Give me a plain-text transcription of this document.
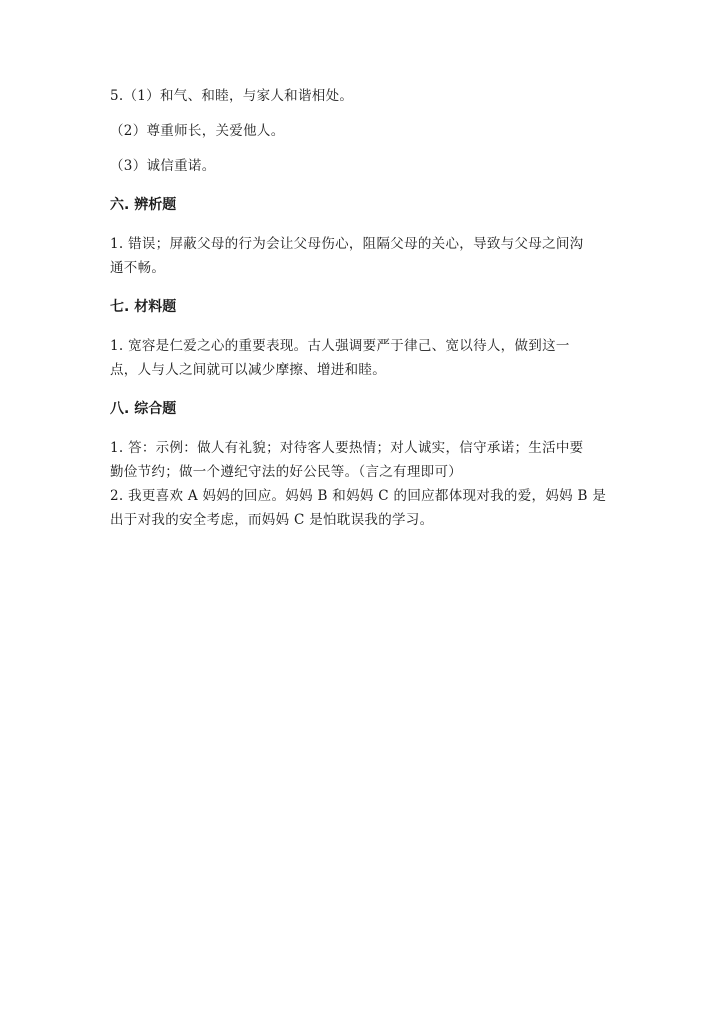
5.（1）和气、和睦，与家人和谐相处。

（2）尊重师长，关爱他人。

（3）诚信重诺。

六. 辨析题

1. 错误；屏蔽父母的行为会让父母伤心，阻隔父母的关心，导致与父母之间沟

通不畅。

七. 材料题

1. 宽容是仁爱之心的重要表现。古人强调要严于律己、宽以待人，做到这一

点，人与人之间就可以减少摩擦、增进和睦。

八. 综合题

1. 答：示例：做人有礼貌；对待客人要热情；对人诚实，信守承诺；生活中要

勤俭节约；做一个遵纪守法的好公民等。（言之有理即可）

2. 我更喜欢 A 妈妈的回应。妈妈 B 和妈妈 C 的回应都体现对我的爱，妈妈 B 是

出于对我的安全考虑，而妈妈 C 是怕耽误我的学习。
